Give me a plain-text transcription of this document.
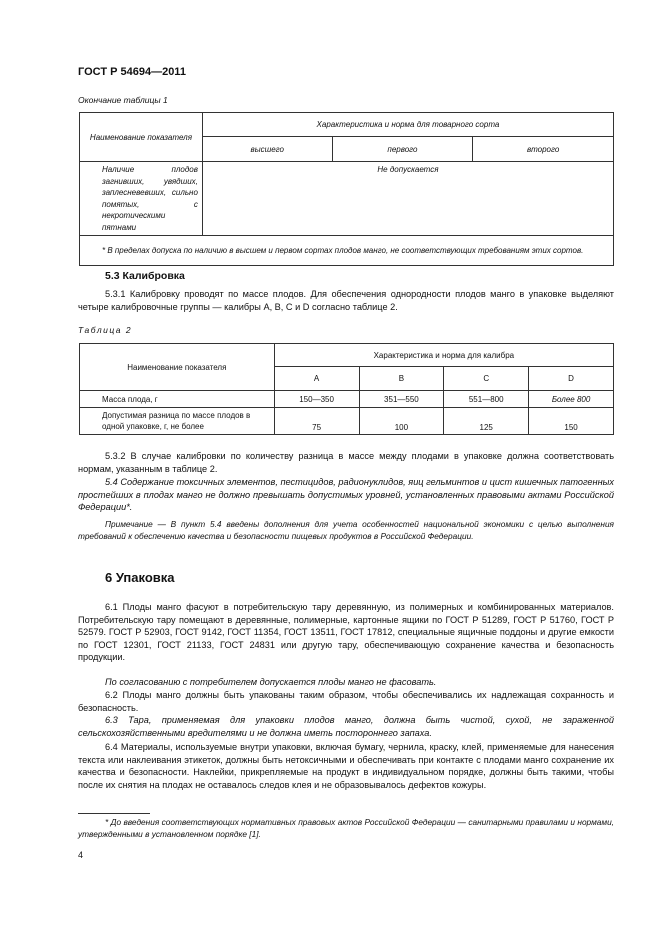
ГОСТ Р 54694—2011
Окончание таблицы 1
Наименование показателя	Характеристика и норма для товарного сорта		
	высшего	первого	второго
Наличие плодов загнивших, увядших, заплесневевших, сильно помятых, с некротическими пятнами	Не допускается		
* В пределах допуска по наличию в высшем и первом сортах плодов манго, не соответствующих требованиям этих сортов.			
5.3 Калибровка
5.3.1 Калибровку проводят по массе плодов. Для обеспечения однородности плодов манго в упаковке выделяют четыре калибровочные группы — калибры А, В, С и D согласно таблице 2.
Таблица 2
Наименование показателя	Характеристика и норма для калибра			
	А	В	С	D
Масса плода, г	150—350	351—550	551—800	Более 800
Допустимая разница по массе плодов в одной упаковке, г, не более	75	100	125	150
5.3.2 В случае калибровки по количеству разница в массе между плодами в упаковке должна соответствовать нормам, указанным в таблице 2.
5.4 Содержание токсичных элементов, пестицидов, радионуклидов, яиц гельминтов и цист кишечных патогенных простейших в плодах манго не должно превышать допустимых уровней, установленных правовыми актами Российской Федерации*.
Примечание — В пункт 5.4 введены дополнения для учета особенностей национальной экономики с целью выполнения требований к обеспечению качества и безопасности пищевых продуктов в Российской Федерации.
6 Упаковка
6.1 Плоды манго фасуют в потребительскую тару деревянную, из полимерных и комбинированных материалов. Потребительскую тару помещают в деревянные, полимерные, картонные ящики по ГОСТ Р 51289, ГОСТ Р 51760, ГОСТ Р 52579. ГОСТ Р 52903, ГОСТ 9142, ГОСТ 11354, ГОСТ 13511, ГОСТ 17812, специальные ящичные поддоны и другие емкости по ГОСТ 12301, ГОСТ 21133, ГОСТ 24831 или другую тару, обеспечивающую сохранение качества и безопасность продукции.
По согласованию с потребителем допускается плоды манго не фасовать.
6.2 Плоды манго должны быть упакованы таким образом, чтобы обеспечивались их надлежащая сохранность и безопасность.
6.3 Тара, применяемая для упаковки плодов манго, должна быть чистой, сухой, не зараженной сельскохозяйственными вредителями и не должна иметь постороннего запаха.
6.4 Материалы, используемые внутри упаковки, включая бумагу, чернила, краску, клей, применяемые для нанесения текста или наклеивания этикеток, должны быть нетоксичными и обеспечивать при контакте с плодами манго сохранение их качества и безопасности. Наклейки, прикрепляемые на продукт в индивидуальном порядке, должны быть такими, чтобы после их снятия на плодах не оставалось следов клея и не образовывалось дефектов кожуры.
* До введения соответствующих нормативных правовых актов Российской Федерации — санитарными правилами и нормами, утвержденными в установленном порядке [1].
4
